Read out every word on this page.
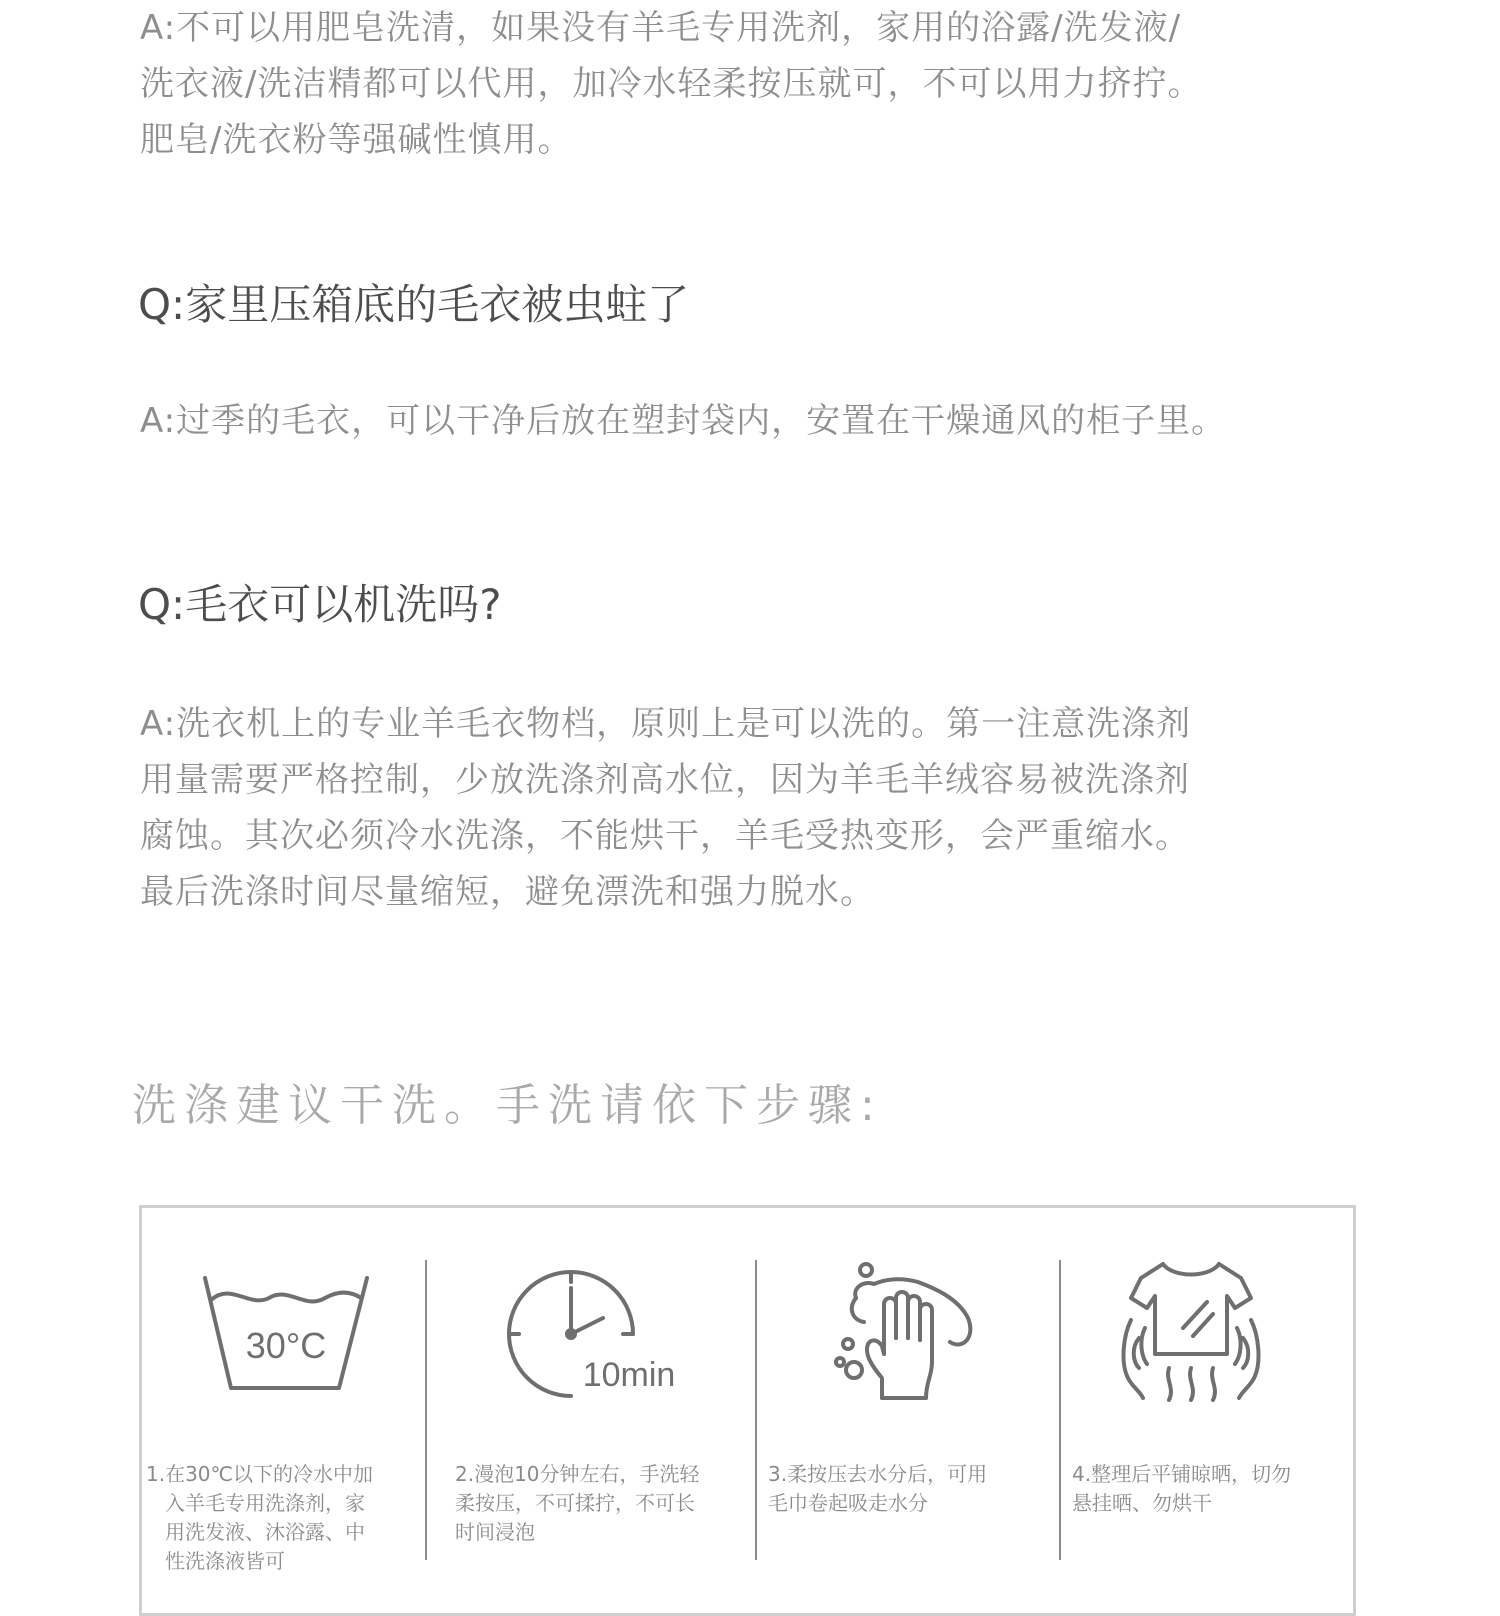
A:不可以用肥皂洗清，如果没有羊毛专用洗剂，家用的浴露/洗发液/
洗衣液/洗洁精都可以代用，加冷水轻柔按压就可，不可以用力挤拧。
肥皂/洗衣粉等强碱性慎用。

Q:家里压箱底的毛衣被虫蛀了

A:过季的毛衣，可以干净后放在塑封袋内，安置在干燥通风的柜子里。

Q:毛衣可以机洗吗?

A:洗衣机上的专业羊毛衣物档，原则上是可以洗的。第一注意洗涤剂
用量需要严格控制，少放洗涤剂高水位，因为羊毛羊绒容易被洗涤剂
腐蚀。其次必须冷水洗涤，不能烘干，羊毛受热变形，会严重缩水。
最后洗涤时间尽量缩短，避免漂洗和强力脱水。

洗涤建议干洗。手洗请依下步骤:

30°C

1.在30℃以下的冷水中加
入羊毛专用洗涤剂，家
用洗发液、沐浴露、中
性洗涤液皆可

10min

2.漫泡10分钟左右，手洗轻
柔按压，不可揉拧，不可长
时间浸泡

3.柔按压去水分后，可用
毛巾卷起吸走水分

4.整理后平铺晾晒，切勿
悬挂晒、勿烘干
